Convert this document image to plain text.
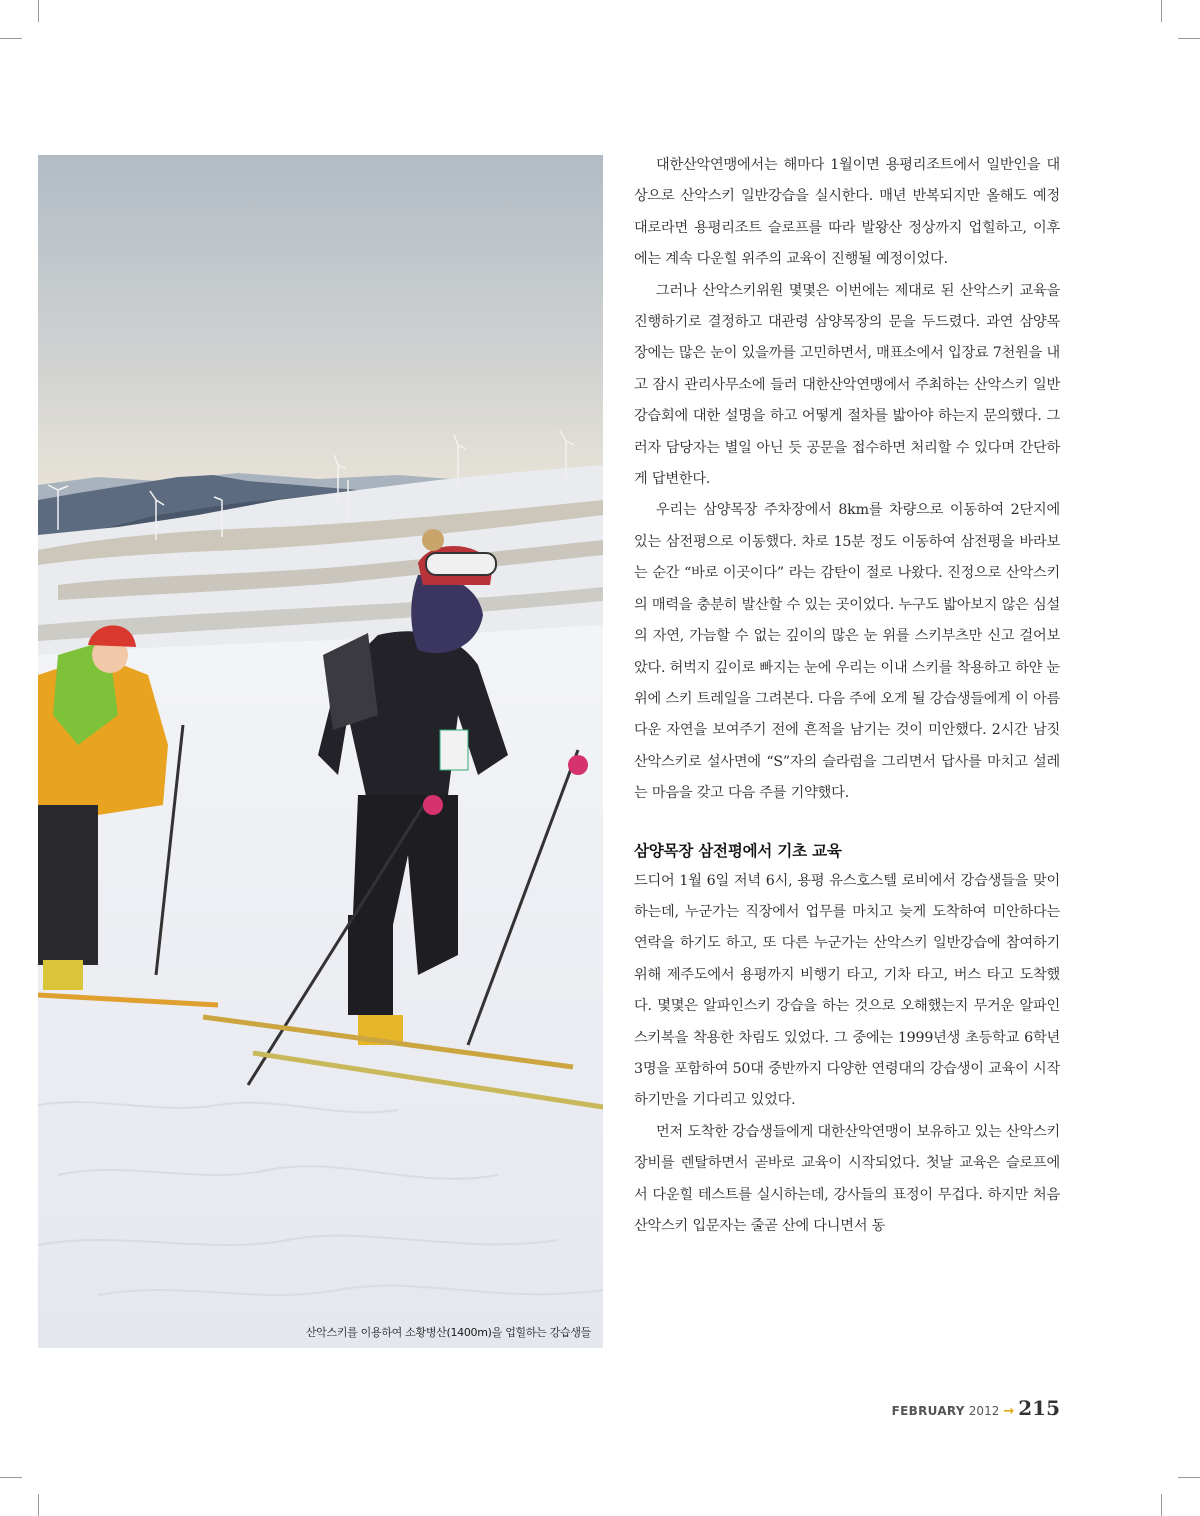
산악스키를 이용하여 소황병산(1400m)을 업힐하는 강습생들

대한산악연맹에서는 해마다 1월이면 용평리조트에서 일반인을 대상으로 산악스키 일반강습을 실시한다. 매년 반복되지만 올해도 예정대로라면 용평리조트 슬로프를 따라 발왕산 정상까지 업힐하고, 이후에는 계속 다운힐 위주의 교육이 진행될 예정이었다.

그러나 산악스키위원 몇몇은 이번에는 제대로 된 산악스키 교육을 진행하기로 결정하고 대관령 삼양목장의 문을 두드렸다. 과연 삼양목장에는 많은 눈이 있을까를 고민하면서, 매표소에서 입장료 7천원을 내고 잠시 관리사무소에 들러 대한산악연맹에서 주최하는 산악스키 일반강습회에 대한 설명을 하고 어떻게 절차를 밟아야 하는지 문의했다. 그러자 담당자는 별일 아닌 듯 공문을 접수하면 처리할 수 있다며 간단하게 답변한다.

우리는 삼양목장 주차장에서 8km를 차량으로 이동하여 2단지에 있는 삼전평으로 이동했다. 차로 15분 정도 이동하여 삼전평을 바라보는 순간 “바로 이곳이다” 라는 감탄이 절로 나왔다. 진정으로 산악스키의 매력을 충분히 발산할 수 있는 곳이었다. 누구도 밟아보지 않은 심설의 자연, 가늠할 수 없는 깊이의 많은 눈 위를 스키부츠만 신고 걸어보았다. 허벅지 깊이로 빠지는 눈에 우리는 이내 스키를 착용하고 하얀 눈 위에 스키 트레일을 그려본다. 다음 주에 오게 될 강습생들에게 이 아름다운 자연을 보여주기 전에 흔적을 남기는 것이 미안했다. 2시간 남짓 산악스키로 설사면에 “S”자의 슬라럼을 그리면서 답사를 마치고 설레는 마음을 갖고 다음 주를 기약했다.

삼양목장 삼전평에서 기초 교육

드디어 1월 6일 저녁 6시, 용평 유스호스텔 로비에서 강습생들을 맞이하는데, 누군가는 직장에서 업무를 마치고 늦게 도착하여 미안하다는 연락을 하기도 하고, 또 다른 누군가는 산악스키 일반강습에 참여하기 위해 제주도에서 용평까지 비행기 타고, 기차 타고, 버스 타고 도착했다. 몇몇은 알파인스키 강습을 하는 것으로 오해했는지 무거운 알파인스키복을 착용한 차림도 있었다. 그 중에는 1999년생 초등학교 6학년 3명을 포함하여 50대 중반까지 다양한 연령대의 강습생이 교육이 시작하기만을 기다리고 있었다.

먼저 도착한 강습생들에게 대한산악연맹이 보유하고 있는 산악스키 장비를 렌탈하면서 곧바로 교육이 시작되었다. 첫날 교육은 슬로프에서 다운힐 테스트를 실시하는데, 강사들의 표정이 무겁다. 하지만 처음 산악스키 입문자는 줄곧 산에 다니면서 동

FEBRUARY 2012 → 215
